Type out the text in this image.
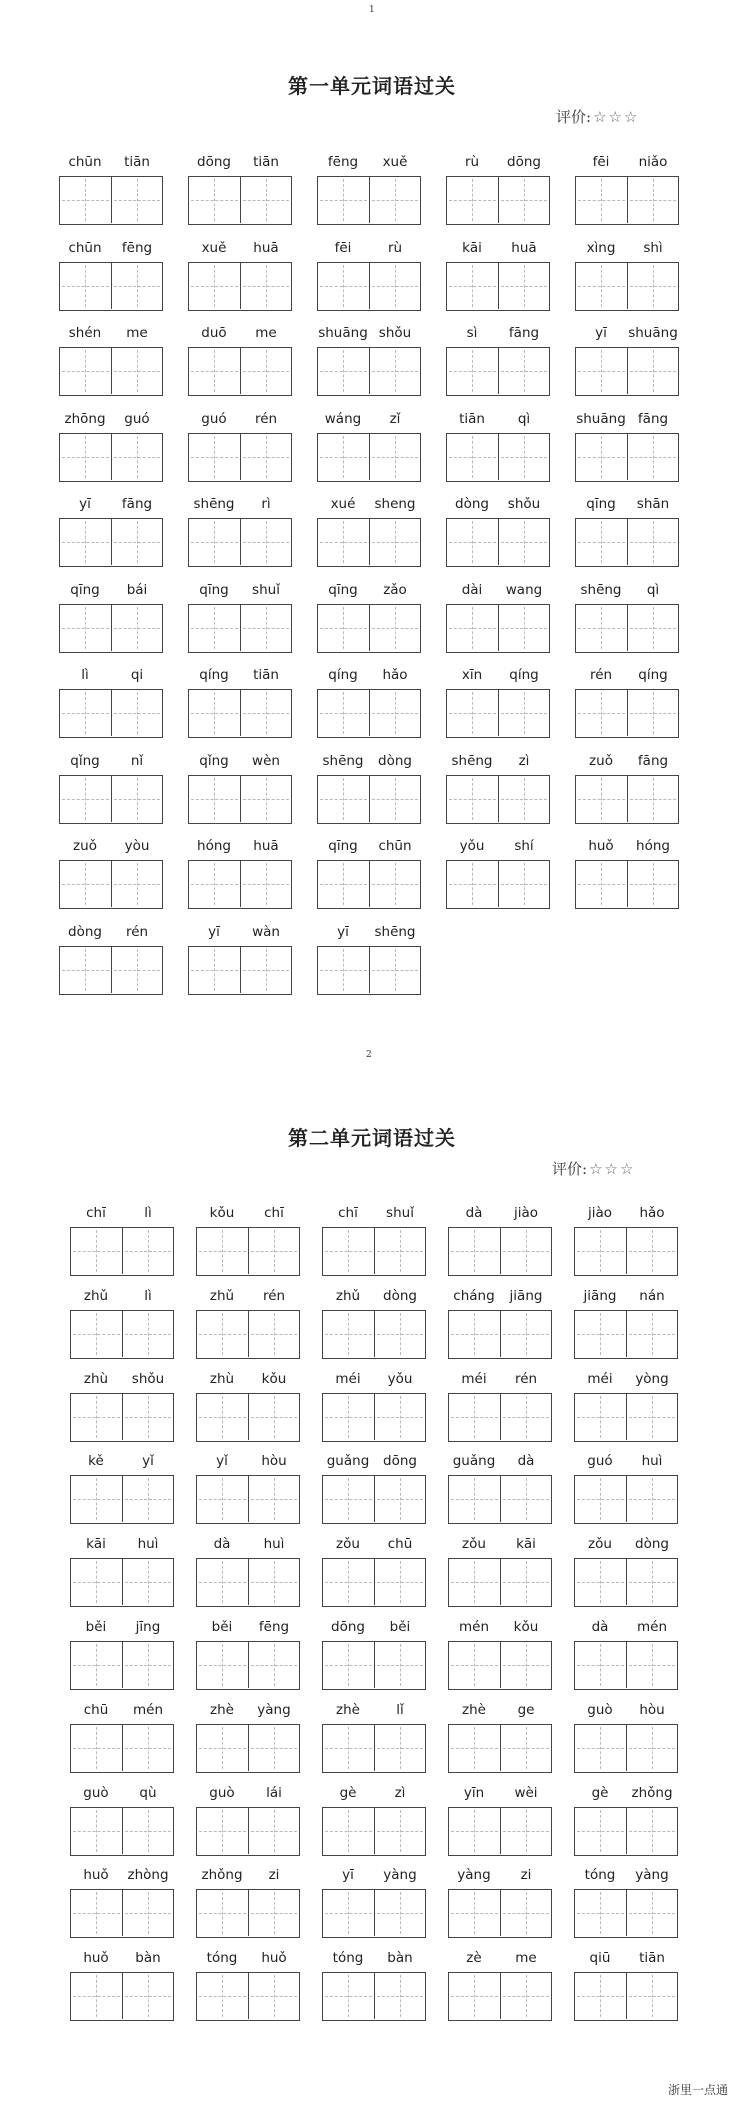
1
第一单元词语过关
评价: ☆☆☆
chūn	tiān	dōng	tiān	fēng	xuě	rù	dōng	fēi	niǎo
chūn	fēng	xuě	huā	fēi	rù	kāi	huā	xìng	shì
shén	me	duō	me	shuāng shǒu	sì	fāng	yī	shuāng
zhōng	guó	guó	rén	wáng	zǐ	tiān	qì	shuāng fāng
yī	fāng	shēng	rì	xué	sheng	dòng	shǒu	qīng	shān
qīng	bái	qīng	shuǐ	qīng	zǎo	dài	wang	shēng	qì
lì	qi	qíng	tiān	qíng	hǎo	xīn	qíng	rén	qíng
qǐng	nǐ	qǐng	wèn	shēng	dòng	shēng	zì	zuǒ	fāng
zuǒ	yòu	hóng	huā	qīng	chūn	yǒu	shí	huǒ	hóng
dòng	rén	yī	wàn	yī	shēng
2
第二单元词语过关
评价: ☆☆☆
chī	lì	kǒu	chī	chī	shuǐ	dà	jiào	jiào	hǎo
zhǔ	lì	zhǔ	rén	zhǔ	dòng	cháng	jiāng	jiāng	nán
zhù	shǒu	zhù	kǒu	méi	yǒu	méi	rén	méi	yòng
kě	yǐ	yǐ	hòu	guǎng	dōng	guǎng	dà	guó	huì
kāi	huì	dà	huì	zǒu	chū	zǒu	kāi	zǒu	dòng
běi	jīng	běi	fēng	dōng	běi	mén	kǒu	dà	mén
chū	mén	zhè	yàng	zhè	lǐ	zhè	ge	guò	hòu
guò	qù	guò	lái	gè	zì	yīn	wèi	gè	zhǒng
huǒ	zhòng	zhǒng	zi	yī	yàng	yàng	zi	tóng	yàng
huǒ	bàn	tóng	huǒ	tóng	bàn	zè	me	qiū	tiān
浙里一点通
